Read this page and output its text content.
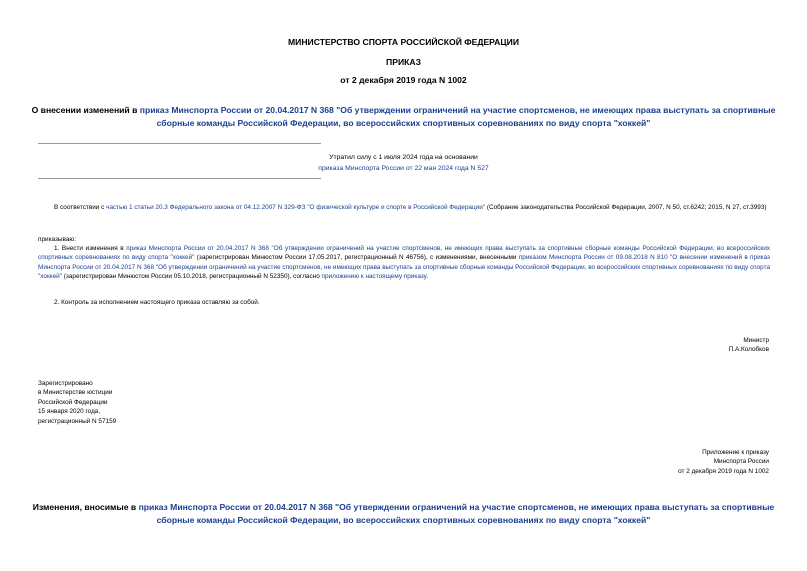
МИНИСТЕРСТВО СПОРТА РОССИЙСКОЙ ФЕДЕРАЦИИ
ПРИКАЗ
от 2 декабря 2019 года N 1002
О внесении изменений в приказ Минспорта России от 20.04.2017 N 368 "Об утверждении ограничений на участие спортсменов, не имеющих права выступать за спортивные сборные команды Российской Федерации, во всероссийских спортивных соревнованиях по виду спорта "хоккей"
Утратил силу с 1 июля 2024 года на основании
приказа Минспорта России от 22 мая 2024 года N 527
В соответствии с частью 1 статьи 20.3 Федерального закона от 04.12.2007 N 329-ФЗ "О физической культуре и спорте в Российской Федерации" (Собрание законодательства Российской Федерации, 2007, N 50, ст.6242; 2015, N 27, ст.3993)
приказываю:
1. Внести изменения в приказ Минспорта России от 20.04.2017 N 368 "Об утверждении ограничений на участие спортсменов, не имеющих права выступать за спортивные сборные команды Российской Федерации, во всероссийских спортивных соревнованиях по виду спорта "хоккей" (зарегистрирован Минюстом России 17.05.2017, регистрационный N 46756), с изменениями, внесенными приказом Минспорта России от 09.08.2018 N 810 "О внесении изменений в приказ Минспорта России от 20.04.2017 N 368 "Об утверждении ограничений на участие спортсменов, не имеющих права выступать за спортивные сборные команды Российской Федерации, во всероссийских спортивных соревнованиях по виду спорта "хоккей" (зарегистрирован Минюстом России 05.10.2018, регистрационный N 52350), согласно приложению к настоящему приказу.
2. Контроль за исполнением настоящего приказа оставляю за собой.
Министр
П.А.Колобков
Зарегистрировано
в Министерстве юстиции
Российской Федерации
15 января 2020 года,
регистрационный N 57159
Приложение к приказу
Минспорта России
от 2 декабря 2019 года N 1002
Изменения, вносимые в приказ Минспорта России от 20.04.2017 N 368 "Об утверждении ограничений на участие спортсменов, не имеющих права выступать за спортивные сборные команды Российской Федерации, во всероссийских спортивных соревнованиях по виду спорта "хоккей"
